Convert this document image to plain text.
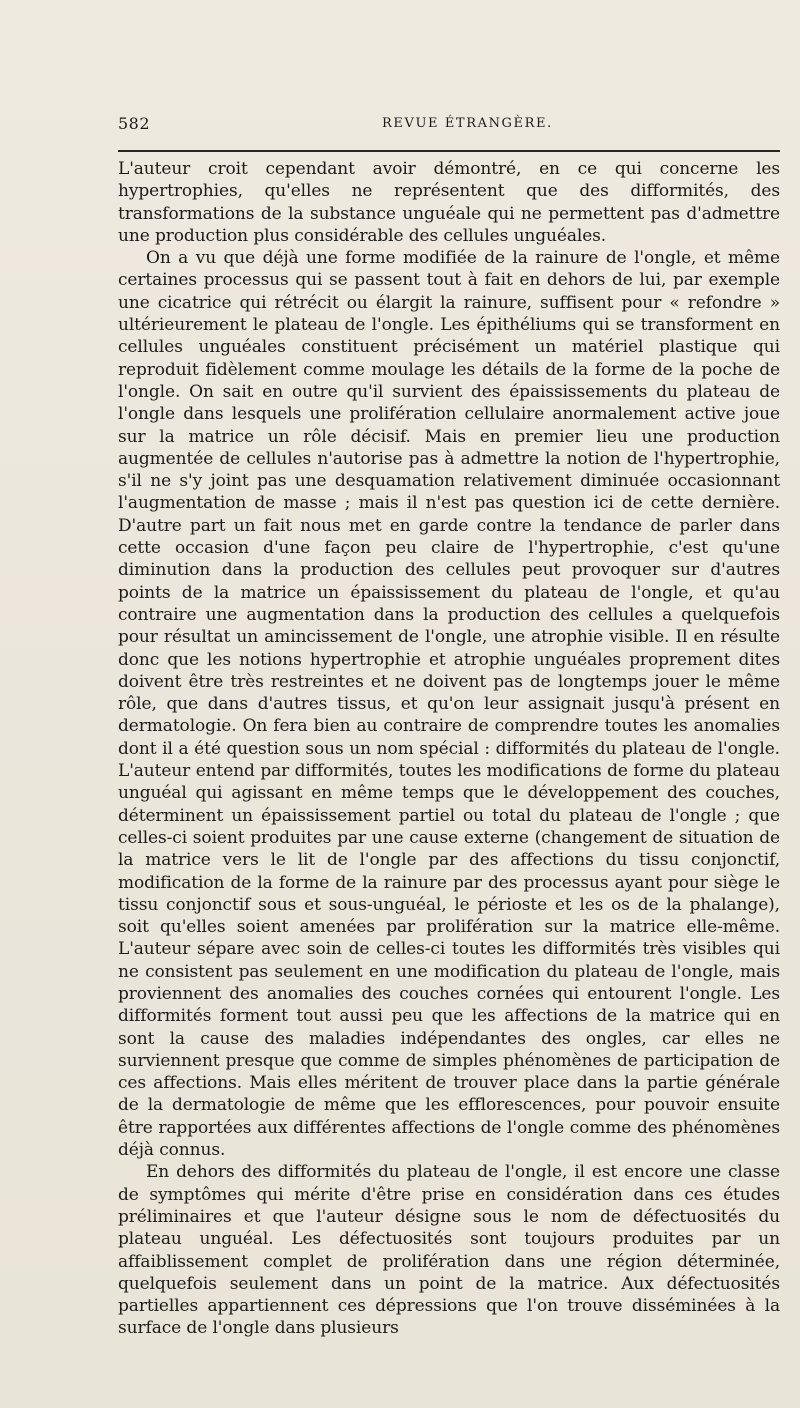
582	REVUE ÉTRANGÈRE.

L'auteur croit cependant avoir démontré, en ce qui concerne les hypertrophies, qu'elles ne représentent que des difformités, des transformations de la substance unguéale qui ne permettent pas d'admettre une production plus considérable des cellules unguéales.

On a vu que déjà une forme modifiée de la rainure de l'ongle, et même certaines processus qui se passent tout à fait en dehors de lui, par exemple une cicatrice qui rétrécit ou élargit la rainure, suffisent pour « refondre » ultérieurement le plateau de l'ongle. Les épithéliums qui se transforment en cellules unguéales constituent précisément un matériel plastique qui reproduit fidèlement comme moulage les détails de la forme de la poche de l'ongle. On sait en outre qu'il survient des épaississements du plateau de l'ongle dans lesquels une prolifération cellulaire anormalement active joue sur la matrice un rôle décisif. Mais en premier lieu une production augmentée de cellules n'autorise pas à admettre la notion de l'hypertrophie, s'il ne s'y joint pas une desquamation relativement diminuée occasionnant l'augmentation de masse ; mais il n'est pas question ici de cette dernière. D'autre part un fait nous met en garde contre la tendance de parler dans cette occasion d'une façon peu claire de l'hypertrophie, c'est qu'une diminution dans la production des cellules peut provoquer sur d'autres points de la matrice un épaississement du plateau de l'ongle, et qu'au contraire une augmentation dans la production des cellules a quelquefois pour résultat un amincissement de l'ongle, une atrophie visible. Il en résulte donc que les notions hypertrophie et atrophie unguéales proprement dites doivent être très restreintes et ne doivent pas de longtemps jouer le même rôle, que dans d'autres tissus, et qu'on leur assignait jusqu'à présent en dermatologie. On fera bien au contraire de comprendre toutes les anomalies dont il a été question sous un nom spécial : difformités du plateau de l'ongle. L'auteur entend par difformités, toutes les modifications de forme du plateau unguéal qui agissant en même temps que le développement des couches, déterminent un épaississement partiel ou total du plateau de l'ongle ; que celles-ci soient produites par une cause externe (changement de situation de la matrice vers le lit de l'ongle par des affections du tissu conjonctif, modification de la forme de la rainure par des processus ayant pour siège le tissu conjonctif sous et sous-unguéal, le périoste et les os de la phalange), soit qu'elles soient amenées par prolifération sur la matrice elle-même. L'auteur sépare avec soin de celles-ci toutes les difformités très visibles qui ne consistent pas seulement en une modification du plateau de l'ongle, mais proviennent des anomalies des couches cornées qui entourent l'ongle. Les difformités forment tout aussi peu que les affections de la matrice qui en sont la cause des maladies indépendantes des ongles, car elles ne surviennent presque que comme de simples phénomènes de participation de ces affections. Mais elles méritent de trouver place dans la partie générale de la dermatologie de même que les efflorescences, pour pouvoir ensuite être rapportées aux différentes affections de l'ongle comme des phénomènes déjà connus.

En dehors des difformités du plateau de l'ongle, il est encore une classe de symptômes qui mérite d'être prise en considération dans ces études préliminaires et que l'auteur désigne sous le nom de défectuosités du plateau unguéal. Les défectuosités sont toujours produites par un affaiblissement complet de prolifération dans une région déterminée, quelquefois seulement dans un point de la matrice. Aux défectuosités partielles appartiennent ces dépressions que l'on trouve disséminées à la surface de l'ongle dans plusieurs
